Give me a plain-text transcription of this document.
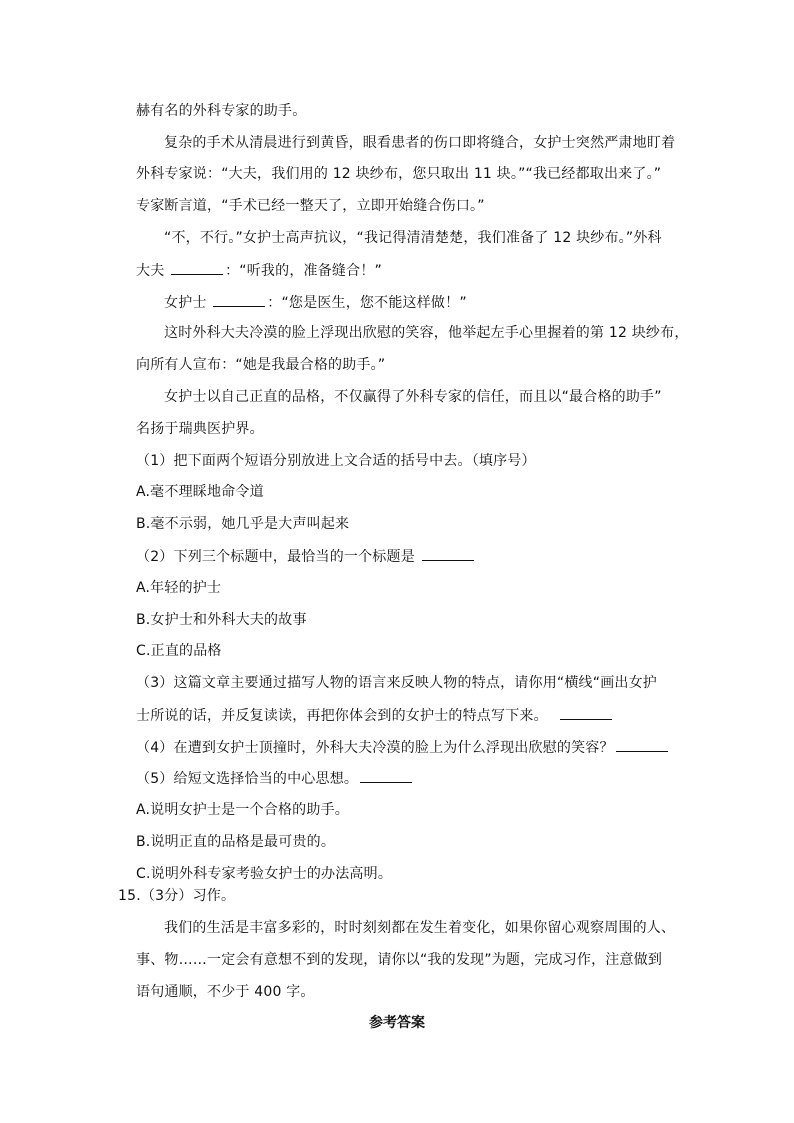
赫有名的外科专家的助手。
复杂的手术从清晨进行到黄昏，眼看患者的伤口即将缝合，女护士突然严肃地盯着
外科专家说：“大夫，我们用的 12 块纱布，您只取出 11 块。”“我已经都取出来了。”
专家断言道，“手术已经一整天了，立即开始缝合伤口。”
“不，不行。”女护士高声抗议，“我记得清清楚楚，我们准备了 12 块纱布。”外科
大夫	：“听我的，准备缝合！”
女护士	：“您是医生，您不能这样做！”
这时外科大夫冷漠的脸上浮现出欣慰的笑容，他举起左手心里握着的第 12 块纱布，
向所有人宣布：“她是我最合格的助手。”
女护士以自己正直的品格，不仅赢得了外科专家的信任，而且以“最合格的助手”
名扬于瑞典医护界。
（1）把下面两个短语分别放进上文合适的括号中去。（填序号）
A.毫不理睬地命令道
B.毫不示弱，她几乎是大声叫起来
（2）下列三个标题中，最恰当的一个标题是
A.年轻的护士
B.女护士和外科大夫的故事
C.正直的品格
（3）这篇文章主要通过描写人物的语言来反映人物的特点，请你用“横线“画出女护
士所说的话，并反复读读，再把你体会到的女护士的特点写下来。
（4）在遭到女护士顶撞时，外科大夫冷漠的脸上为什么浮现出欣慰的笑容？
（5）给短文选择恰当的中心思想。
A.说明女护士是一个合格的助手。
B.说明正直的品格是最可贵的。
C.说明外科专家考验女护士的办法高明。
15.（3分）习作。
我们的生活是丰富多彩的，时时刻刻都在发生着变化，如果你留心观察周围的人、
事、物……一定会有意想不到的发现，请你以“我的发现”为题，完成习作，注意做到
语句通顺，不少于 400 字。
参考答案
